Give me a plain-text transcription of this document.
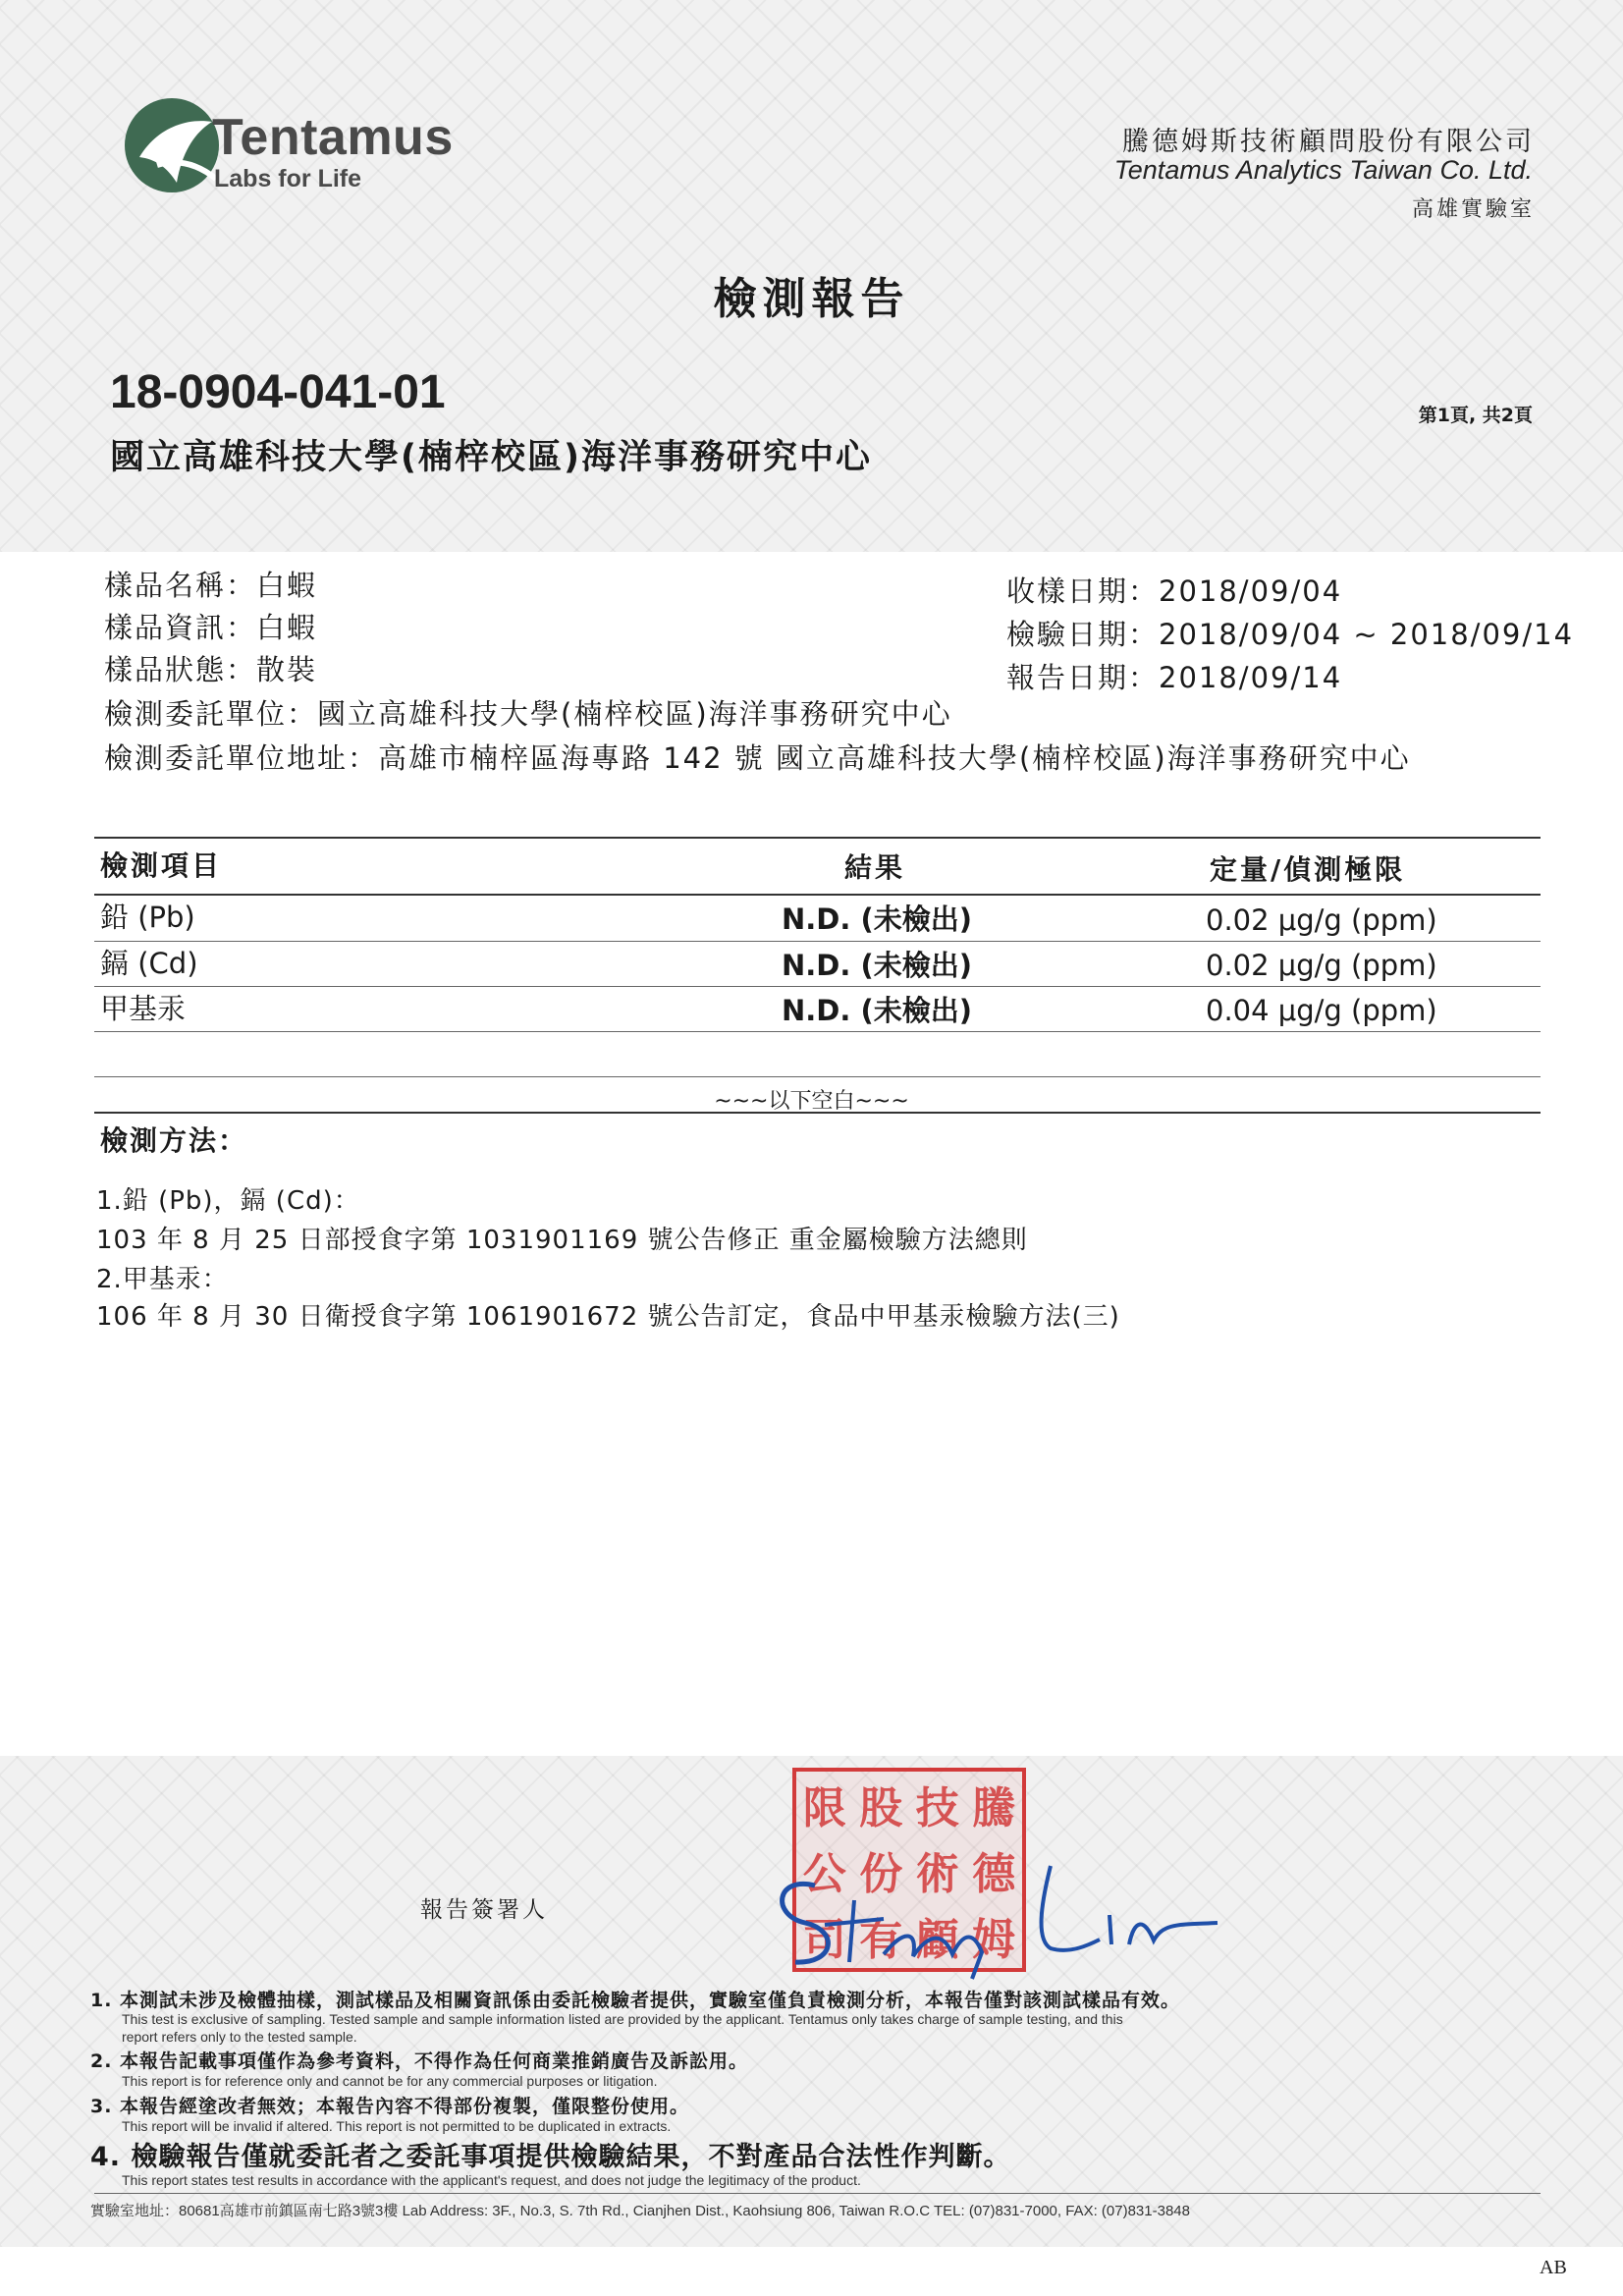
Tentamus
Labs for Life
騰德姆斯技術顧問股份有限公司
Tentamus Analytics Taiwan Co. Ltd.
高雄實驗室
檢測報告
18-0904-041-01	第1頁, 共2頁
國立高雄科技大學(楠梓校區)海洋事務研究中心
樣品名稱：白蝦
樣品資訊：白蝦
樣品狀態：散裝
檢測委託單位：國立高雄科技大學(楠梓校區)海洋事務研究中心
檢測委託單位地址：高雄市楠梓區海專路 142 號 國立高雄科技大學(楠梓校區)海洋事務研究中心
收樣日期：2018/09/04
檢驗日期：2018/09/04 ~ 2018/09/14
報告日期：2018/09/14
檢測項目	結果	定量/偵測極限
鉛 (Pb)	N.D. (未檢出)	0.02 μg/g (ppm)
鎘 (Cd)	N.D. (未檢出)	0.02 μg/g (ppm)
甲基汞	N.D. (未檢出)	0.04 μg/g (ppm)
~~~以下空白~~~
檢測方法：
1.鉛 (Pb)，鎘 (Cd)：
103 年 8 月 25 日部授食字第 1031901169 號公告修正 重金屬檢驗方法總則
2.甲基汞：
106 年 8 月 30 日衛授食字第 1061901672 號公告訂定，食品中甲基汞檢驗方法(三)
報告簽署人
限 股 技 騰
公 份 術 德
司 有 顧 姆
1. 本測試未涉及檢體抽樣，測試樣品及相關資訊係由委託檢驗者提供，實驗室僅負責檢測分析，本報告僅對該測試樣品有效。
This test is exclusive of sampling. Tested sample and sample information listed are provided by the applicant. Tentamus only takes charge of sample testing, and this
report refers only to the tested sample.
2. 本報告記載事項僅作為參考資料，不得作為任何商業推銷廣告及訴訟用。
This report is for reference only and cannot be for any commercial purposes or litigation.
3. 本報告經塗改者無效；本報告內容不得部份複製，僅限整份使用。
This report will be invalid if altered. This report is not permitted to be duplicated in extracts.
4. 檢驗報告僅就委託者之委託事項提供檢驗結果，不對產品合法性作判斷。
This report states test results in accordance with the applicant's request, and does not judge the legitimacy of the product.
實驗室地址：80681高雄市前鎮區南七路3號3樓 Lab Address: 3F., No.3, S. 7th Rd., Cianjhen Dist., Kaohsiung 806, Taiwan R.O.C TEL: (07)831-7000, FAX: (07)831-3848
AB
